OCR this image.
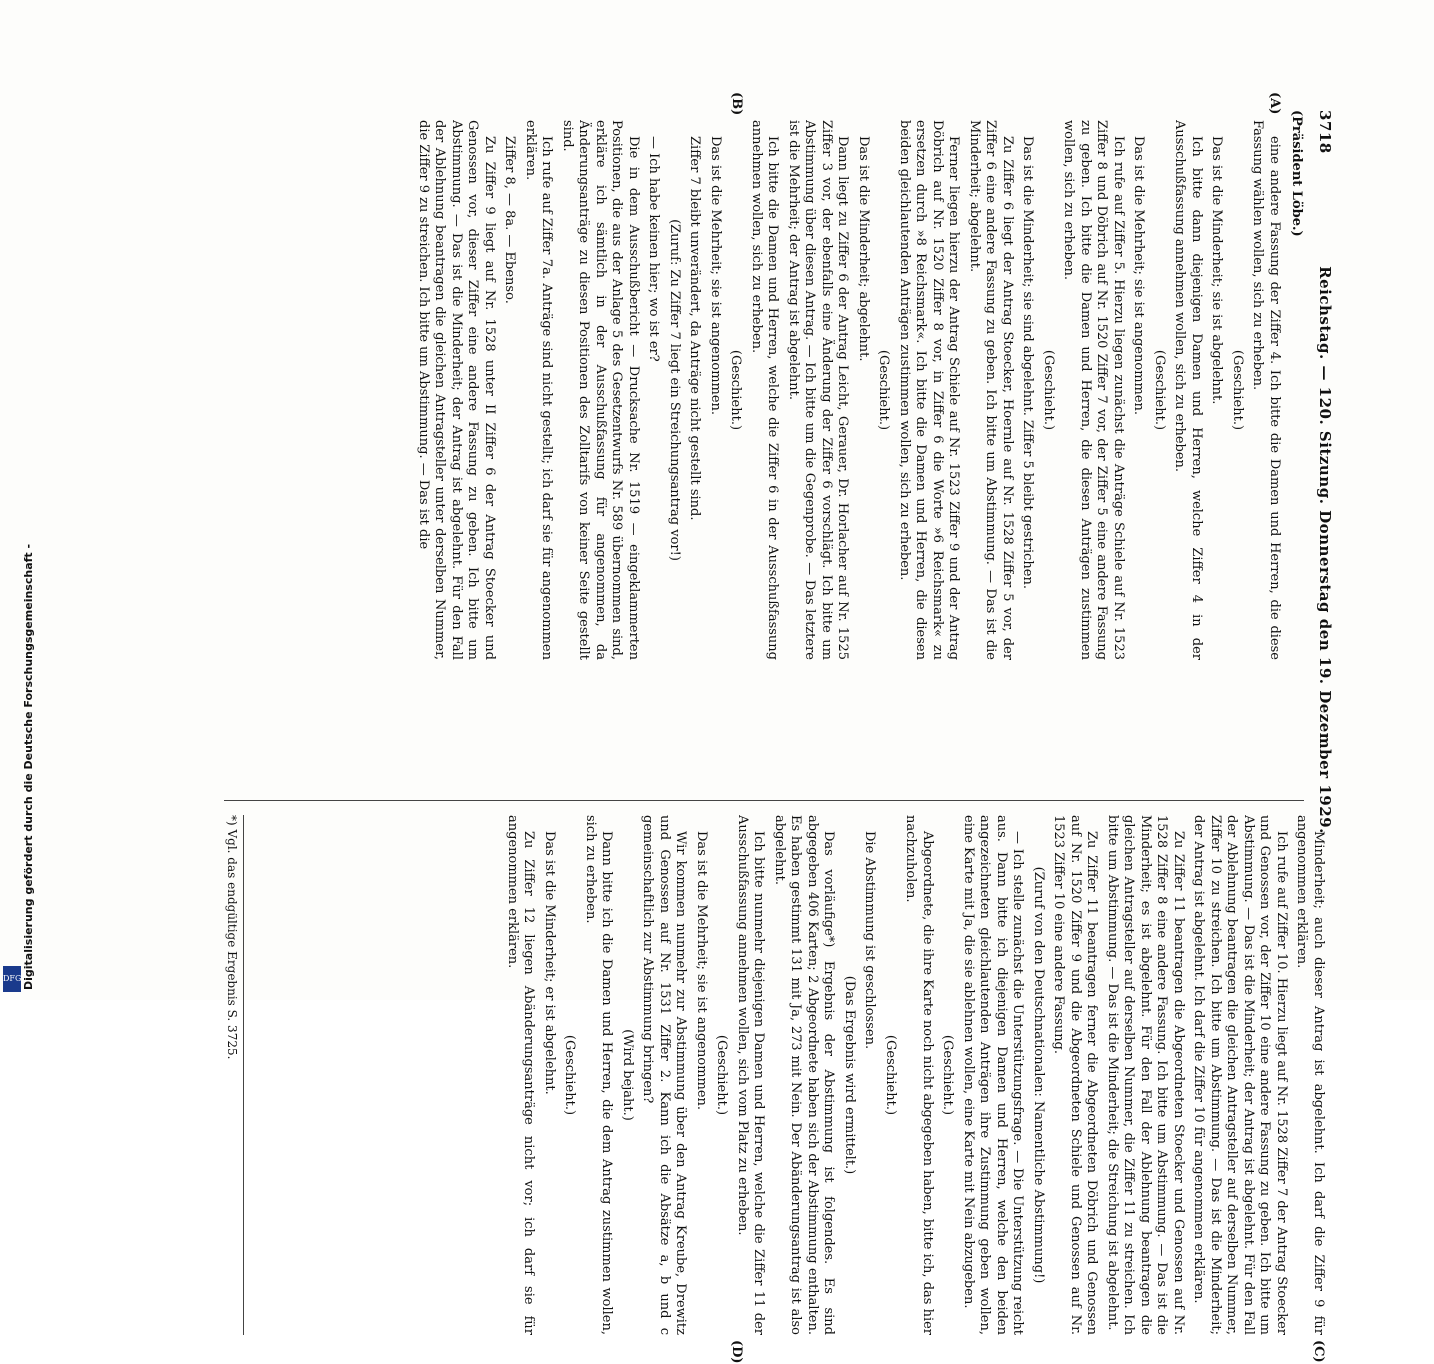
3718
Reichstag. — 120. Sitzung. Donnerstag den 19. Dezember 1929.
(Präsident Löbe.)
(A)
(B)
(C)
(D)

eine andere Fassung der Ziffer 4. Ich bitte die Damen und Herren, die diese Fassung wählen wollen, sich zu erheben.

(Geschieht.)

Das ist die Minderheit; sie ist abgelehnt.

Ich bitte dann diejenigen Damen und Herren, welche Ziffer 4 in der Ausschußfassung annehmen wollen, sich zu erheben.

(Geschieht.)

Das ist die Mehrheit; sie ist angenommen.

Ich rufe auf Ziffer 5. Hierzu liegen zunächst die Anträge Schiele auf Nr. 1523 Ziffer 8 und Döbrich auf Nr. 1520 Ziffer 7 vor, der Ziffer 5 eine andere Fassung zu geben. Ich bitte die Damen und Herren, die diesen Anträgen zustimmen wollen, sich zu erheben.

(Geschieht.)

Das ist die Minderheit; sie sind abgelehnt. Ziffer 5 bleibt gestrichen.

Zu Ziffer 6 liegt der Antrag Stoecker, Hoernle auf Nr. 1528 Ziffer 5 vor, der Ziffer 6 eine andere Fassung zu geben. Ich bitte um Abstimmung. — Das ist die Minderheit; abgelehnt.

Ferner liegen hierzu der Antrag Schiele auf Nr. 1523 Ziffer 9 und der Antrag Döbrich auf Nr. 1520 Ziffer 8 vor, in Ziffer 6 die Worte »6 Reichsmark« zu ersetzen durch »8 Reichsmark«. Ich bitte die Damen und Herren, die diesen beiden gleichlautenden Anträgen zustimmen wollen, sich zu erheben.

(Geschieht.)

Das ist die Minderheit; abgelehnt.

Dann liegt zu Ziffer 6 der Antrag Leicht, Gerauer, Dr. Horlacher auf Nr. 1525 Ziffer 3 vor, der ebenfalls eine Änderung der Ziffer 6 vorschlägt. Ich bitte um Abstimmung über diesen Antrag. — Ich bitte um die Gegenprobe. — Das letztere ist die Mehrheit; der Antrag ist abgelehnt.

Ich bitte die Damen und Herren, welche die Ziffer 6 in der Ausschußfassung annehmen wollen, sich zu erheben.

(Geschieht.)

Das ist die Mehrheit; sie ist angenommen.

Ziffer 7 bleibt unverändert, da Anträge nicht gestellt sind.

(Zuruf: Zu Ziffer 7 liegt ein Streichungsantrag vor!)

— Ich habe keinen hier; wo ist er?

Die in dem Ausschußbericht — Drucksache Nr. 1519 — eingeklammerten Positionen, die aus der Anlage 5 des Gesetzentwurfs Nr. 589 übernommen sind, erkläre ich sämtlich in der Ausschußfassung für angenommen, da Änderungsanträge zu diesen Positionen des Zolltarifs von keiner Seite gestellt sind.

Ich rufe auf Ziffer 7a. Anträge sind nicht gestellt; ich darf sie für angenommen erklären.

Ziffer 8, — 8a. — Ebenso.

Zu Ziffer 9 liegt auf Nr. 1528 unter II Ziffer 6 der Antrag Stoecker und Genossen vor, dieser Ziffer eine andere Fassung zu geben. Ich bitte um Abstimmung. — Das ist die Minderheit; der Antrag ist abgelehnt. Für den Fall der Ablehnung beantragen die gleichen Antragsteller unter derselben Nummer, die Ziffer 9 zu streichen. Ich bitte um Abstimmung. — Das ist die

Minderheit; auch dieser Antrag ist abgelehnt. Ich darf die Ziffer 9 für angenommen erklären.

Ich rufe auf Ziffer 10. Hierzu liegt auf Nr. 1528 Ziffer 7 der Antrag Stoecker und Genossen vor, der Ziffer 10 eine andere Fassung zu geben. Ich bitte um Abstimmung. — Das ist die Minderheit; der Antrag ist abgelehnt. Für den Fall der Ablehnung beantragen die gleichen Antragsteller auf derselben Nummer, Ziffer 10 zu streichen. Ich bitte um Abstimmung. — Das ist die Minderheit; der Antrag ist abgelehnt. Ich darf die Ziffer 10 für angenommen erklären.

Zu Ziffer 11 beantragen die Abgeordneten Stoecker und Genossen auf Nr. 1528 Ziffer 8 eine andere Fassung. Ich bitte um Abstimmung. — Das ist die Minderheit; es ist abgelehnt. Für den Fall der Ablehnung beantragen die gleichen Antragsteller auf derselben Nummer, die Ziffer 11 zu streichen. Ich bitte um Abstimmung. — Das ist die Minderheit; die Streichung ist abgelehnt.

Zu Ziffer 11 beantragen ferner die Abgeordneten Döbrich und Genossen auf Nr. 1520 Ziffer 9 und die Abgeordneten Schiele und Genossen auf Nr. 1523 Ziffer 10 eine andere Fassung.

(Zuruf von den Deutschnationalen: Namentliche Abstimmung!)

— Ich stelle zunächst die Unterstützungsfrage. — Die Unterstützung reicht aus. Dann bitte ich diejenigen Damen und Herren, welche den beiden angezeichneten gleichlautenden Anträgen ihre Zustimmung geben wollen, eine Karte mit Ja, die sie ablehnen wollen, eine Karte mit Nein abzugeben.

(Geschieht.)

Abgeordnete, die ihre Karte noch nicht abgegeben haben, bitte ich, das hier nachzuholen.

(Geschieht.)

Die Abstimmung ist geschlossen.

(Das Ergebnis wird ermittelt.)

Das vorläufige*) Ergebnis der Abstimmung ist folgendes. Es sind abgegeben 406 Karten; 2 Abgeordnete haben sich der Abstimmung enthalten. Es haben gestimmt 131 mit Ja, 273 mit Nein. Der Abänderungsantrag ist also abgelehnt.

Ich bitte nunmehr diejenigen Damen und Herren, welche die Ziffer 11 der Ausschußfassung annehmen wollen, sich vom Platz zu erheben.

(Geschieht.)

Das ist die Mehrheit; sie ist angenommen.

Wir kommen nunmehr zur Abstimmung über den Antrag Kreube, Drewitz und Genossen auf Nr. 1531 Ziffer 2. Kann ich die Absätze a, b und c gemeinschaftlich zur Abstimmung bringen?

(Wird bejaht.)

Dann bitte ich die Damen und Herren, die dem Antrag zustimmen wollen, sich zu erheben.

(Geschieht.)

Das ist die Minderheit; er ist abgelehnt.

Zu Ziffer 12 liegen Abänderungsanträge nicht vor; ich darf sie für angenommen erklären.

*) Vgl. das endgültige Ergebnis S. 3725.
Digitalisierung gefördert durch die Deutsche Forschungsgemeinschaft -
DFG
